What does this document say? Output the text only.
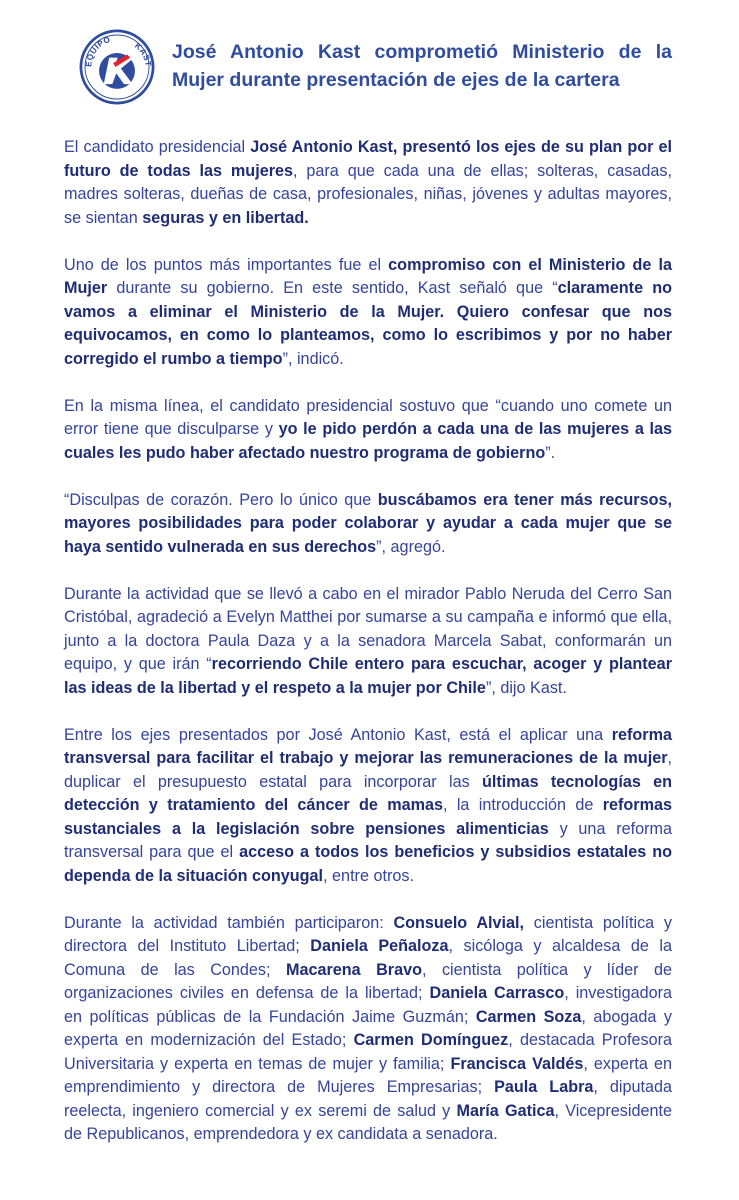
EQUIPO
KAST
José Antonio Kast comprometió Ministerio de la Mujer durante presentación de ejes de la cartera

El candidato presidencial José Antonio Kast, presentó los ejes de su plan por el futuro de todas las mujeres, para que cada una de ellas; solteras, casadas, madres solteras, dueñas de casa, profesionales, niñas, jóvenes y adultas mayores, se sientan seguras y en libertad.

Uno de los puntos más importantes fue el compromiso con el Ministerio de la Mujer durante su gobierno. En este sentido, Kast señaló que “claramente no vamos a eliminar el Ministerio de la Mujer. Quiero confesar que nos equivocamos, en como lo planteamos, como lo escribimos y por no haber corregido el rumbo a tiempo”, indicó.

En la misma línea, el candidato presidencial sostuvo que “cuando uno comete un error tiene que disculparse y yo le pido perdón a cada una de las mujeres a las cuales les pudo haber afectado nuestro programa de gobierno”.

“Disculpas de corazón. Pero lo único que buscábamos era tener más recursos, mayores posibilidades para poder colaborar y ayudar a cada mujer que se haya sentido vulnerada en sus derechos”, agregó.

Durante la actividad que se llevó a cabo en el mirador Pablo Neruda del Cerro San Cristóbal, agradeció a Evelyn Matthei por sumarse a su campaña e informó que ella, junto a la doctora Paula Daza y a la senadora Marcela Sabat, conformarán un equipo, y que irán “recorriendo Chile entero para escuchar, acoger y plantear las ideas de la libertad y el respeto a la mujer por Chile”, dijo Kast.

Entre los ejes presentados por José Antonio Kast, está el aplicar una reforma transversal para facilitar el trabajo y mejorar las remuneraciones de la mujer, duplicar el presupuesto estatal para incorporar las últimas tecnologías en detección y tratamiento del cáncer de mamas, la introducción de reformas sustanciales a la legislación sobre pensiones alimenticias y una reforma transversal para que el acceso a todos los beneficios y subsidios estatales no dependa de la situación conyugal, entre otros.

Durante la actividad también participaron: Consuelo Alvial, cientista política y directora del Instituto Libertad; Daniela Peñaloza, sicóloga y alcaldesa de la Comuna de las Condes; Macarena Bravo, cientista política y líder de organizaciones civiles en defensa de la libertad; Daniela Carrasco, investigadora en políticas públicas de la Fundación Jaime Guzmán; Carmen Soza, abogada y experta en modernización del Estado; Carmen Domínguez, destacada Profesora Universitaria y experta en temas de mujer y familia; Francisca Valdés, experta en emprendimiento y directora de Mujeres Empresarias; Paula Labra, diputada reelecta, ingeniero comercial y ex seremi de salud y María Gatica, Vicepresidente de Republicanos, emprendedora y ex candidata a senadora.
